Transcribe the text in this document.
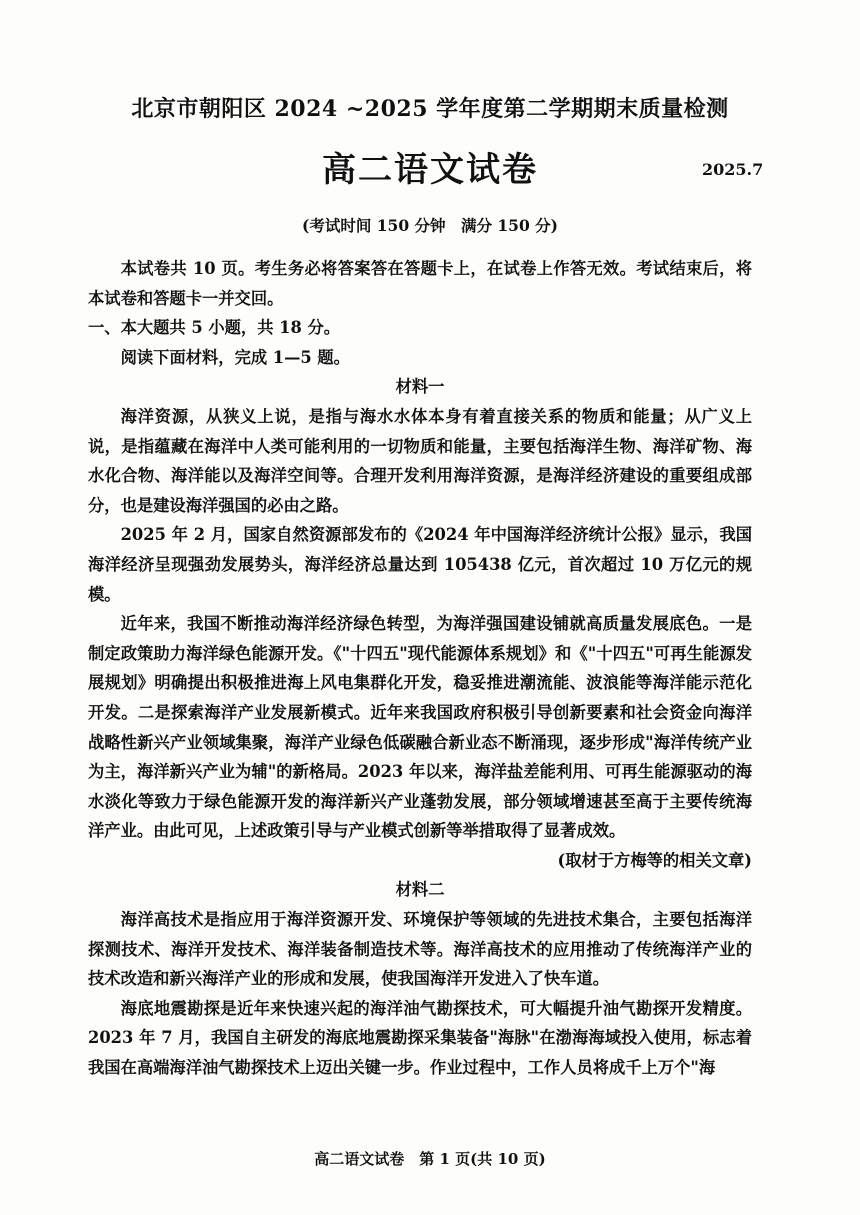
北京市朝阳区 2024 ~2025 学年度第二学期期末质量检测
高二语文试卷	2025.7
(考试时间 150 分钟　满分 150 分)

本试卷共 10 页。考生务必将答案答在答题卡上，在试卷上作答无效。考试结束后，将本试卷和答题卡一并交回。

一、本大题共 5 小题，共 18 分。

阅读下面材料，完成 1—5 题。

材料一

海洋资源，从狭义上说，是指与海水水体本身有着直接关系的物质和能量；从广义上说，是指蕴藏在海洋中人类可能利用的一切物质和能量，主要包括海洋生物、海洋矿物、海水化合物、海洋能以及海洋空间等。合理开发利用海洋资源，是海洋经济建设的重要组成部分，也是建设海洋强国的必由之路。

2025 年 2 月，国家自然资源部发布的《2024 年中国海洋经济统计公报》显示，我国海洋经济呈现强劲发展势头，海洋经济总量达到 105438 亿元，首次超过 10 万亿元的规模。

近年来，我国不断推动海洋经济绿色转型，为海洋强国建设铺就高质量发展底色。一是制定政策助力海洋绿色能源开发。《"十四五"现代能源体系规划》和《"十四五"可再生能源发展规划》明确提出积极推进海上风电集群化开发，稳妥推进潮流能、波浪能等海洋能示范化开发。二是探索海洋产业发展新模式。近年来我国政府积极引导创新要素和社会资金向海洋战略性新兴产业领域集聚，海洋产业绿色低碳融合新业态不断涌现，逐步形成"海洋传统产业为主，海洋新兴产业为辅"的新格局。2023 年以来，海洋盐差能利用、可再生能源驱动的海水淡化等致力于绿色能源开发的海洋新兴产业蓬勃发展，部分领域增速甚至高于主要传统海洋产业。由此可见，上述政策引导与产业模式创新等举措取得了显著成效。

(取材于方梅等的相关文章)

材料二

海洋高技术是指应用于海洋资源开发、环境保护等领域的先进技术集合，主要包括海洋探测技术、海洋开发技术、海洋装备制造技术等。海洋高技术的应用推动了传统海洋产业的技术改造和新兴海洋产业的形成和发展，使我国海洋开发进入了快车道。

海底地震勘探是近年来快速兴起的海洋油气勘探技术，可大幅提升油气勘探开发精度。2023 年 7 月，我国自主研发的海底地震勘探采集装备"海脉"在渤海海域投入使用，标志着我国在高端海洋油气勘探技术上迈出关键一步。作业过程中，工作人员将成千上万个"海

高二语文试卷　第 1 页(共 10 页)
